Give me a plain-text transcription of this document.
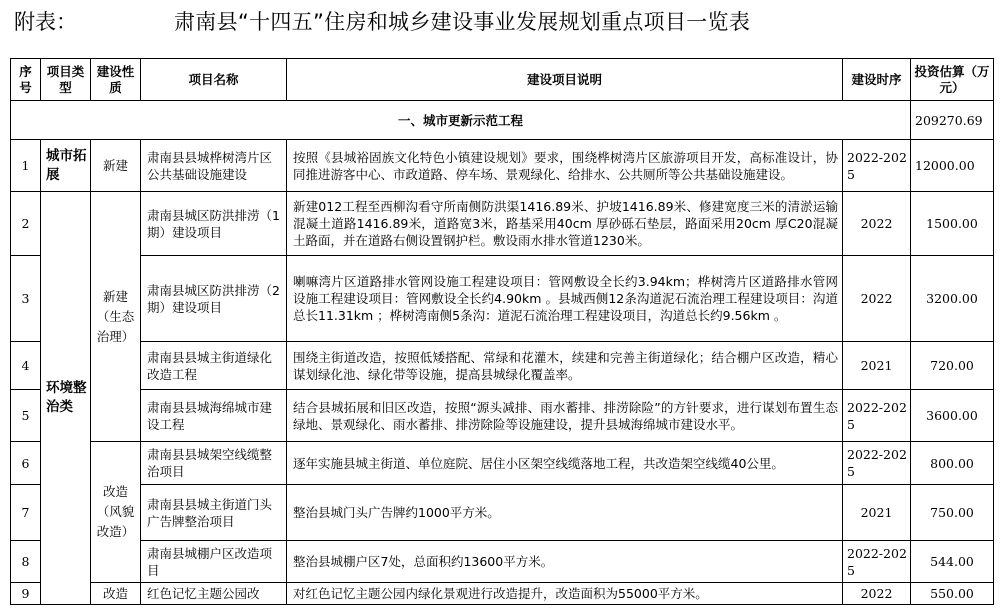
附表：	肃南县“十四五”住房和城乡建设事业发展规划重点项目一览表
序号	项目类型	建设性质	项目名称	建设项目说明	建设时序	投资估算（万元）
一、城市更新示范工程						209270.69
1	城市拓展	新建	肃南县县城桦树湾片区公共基础设施建设	按照《县城裕固族文化特色小镇建设规划》要求，围绕桦树湾片区旅游项目开发，高标准设计，协同推进游客中心、市政道路、停车场、景观绿化、给排水、公共厕所等公共基础设施建设。	2022-2025	12000.00
2	环境整治类	新建（生态治理）	肃南县城区防洪排涝（1期）建设项目	新建012工程至西柳沟看守所南侧防洪渠1416.89米、护坡1416.89米、修建宽度三米的清淤运输混凝土道路1416.89米，道路宽3米，路基采用40cm 厚砂砾石垫层，路面采用20cm 厚C20混凝土路面，并在道路右侧设置钢护栏。敷设雨水排水管道1230米。	2022	1500.00
3			肃南县城区防洪排涝（2期）建设项目	喇嘛湾片区道路排水管网设施工程建设项目：管网敷设全长约3.94km；桦树湾片区道路排水管网设施工程建设项目：管网敷设全长约4.90km 。县城西侧12条沟道泥石流治理工程建设项目：沟道总长11.31km ；桦树湾南侧5条沟：道泥石流治理工程建设项目，沟道总长约9.56km 。	2022	3200.00
4			肃南县县城主街道绿化改造工程	围绕主街道改造，按照低矮搭配、常绿和花灌木，续建和完善主街道绿化；结合棚户区改造，精心谋划绿化池、绿化带等设施，提高县城绿化覆盖率。	2021	720.00
5			肃南县县城海绵城市建设工程	结合县城拓展和旧区改造，按照“源头减排、雨水蓄排、排涝除险”的方针要求，进行谋划布置生态绿地、景观绿化、雨水蓄排、排涝除险等设施建设，提升县城海绵城市建设水平。	2022-2025	3600.00
6		改造（风貌改造）	肃南县县城架空线缆整治项目	逐年实施县城主街道、单位庭院、居住小区架空线缆落地工程，共改造架空线缆40公里。	2022-2025	800.00
7			肃南县县城主街道门头广告牌整治项目	整治县城门头广告牌约1000平方米。	2021	750.00
8			肃南县城棚户区改造项目	整治县城棚户区7处，总面积约13600平方米。	2022-2025	544.00
9		改造	红色记忆主题公园改	对红色记忆主题公园内绿化景观进行改造提升，改造面积为55000平方米。	2022	550.00
